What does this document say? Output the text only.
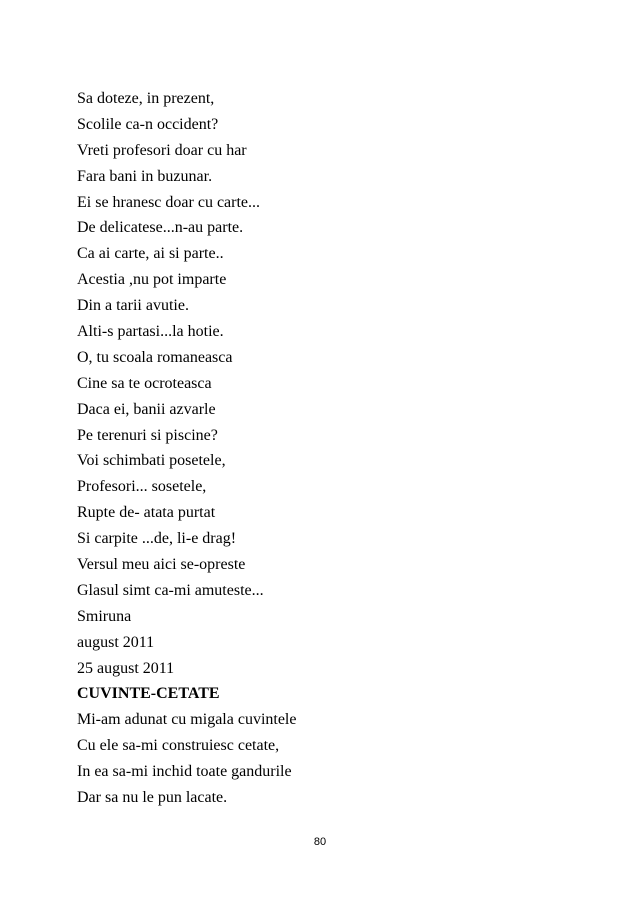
Sa doteze, in prezent,
Scolile ca-n occident?
Vreti profesori doar cu har
Fara bani in buzunar.
Ei se hranesc doar cu carte...
De delicatese...n-au parte.
Ca ai carte, ai si parte..
Acestia ,nu pot imparte
Din a tarii avutie.
Alti-s partasi...la hotie.
O, tu scoala romaneasca
Cine sa te ocroteasca
Daca ei, banii azvarle
Pe terenuri si piscine?
Voi schimbati posetele,
Profesori... sosetele,
Rupte de- atata purtat
Si carpite ...de, li-e drag!
Versul meu aici se-opreste
Glasul simt ca-mi amuteste...
Smiruna
august 2011
25 august 2011
CUVINTE-CETATE
Mi-am adunat cu migala cuvintele
Cu ele sa-mi construiesc cetate,
In ea sa-mi inchid toate gandurile
Dar sa nu le pun lacate.
80
